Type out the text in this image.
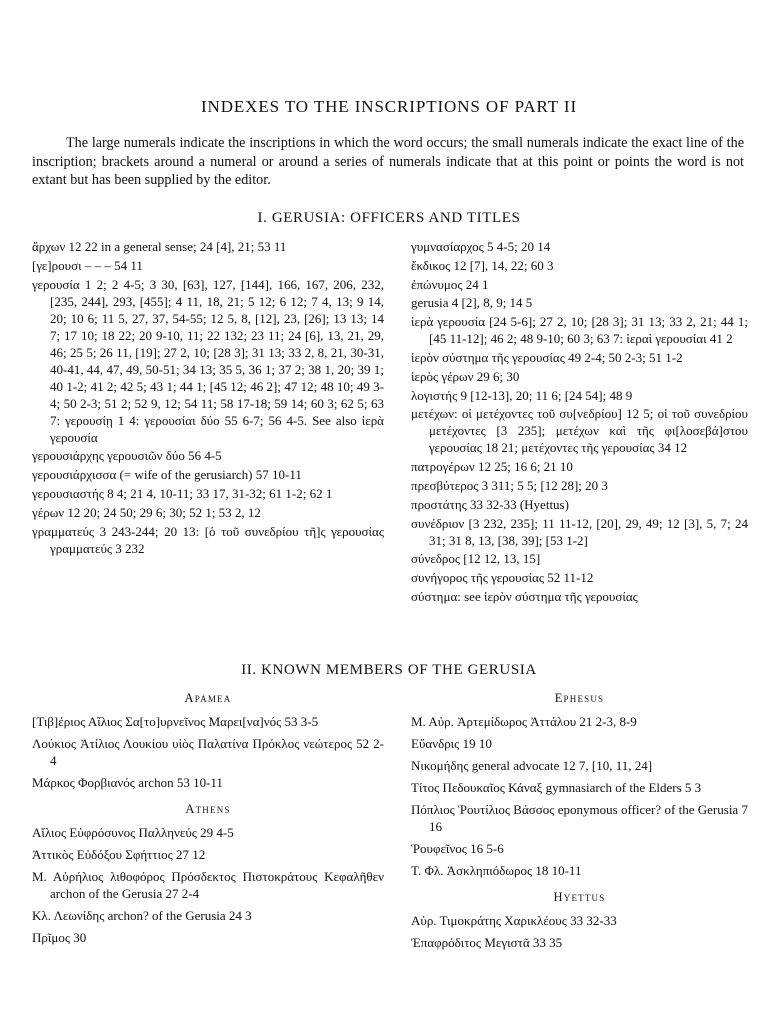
INDEXES TO THE INSCRIPTIONS OF PART II

The large numerals indicate the inscriptions in which the word occurs; the small numerals indicate the exact line of the inscription; brackets around a numeral or around a series of numerals indicate that at this point or points the word is not extant but has been supplied by the editor.

I. GERUSIA: OFFICERS AND TITLES
ἄρχων 12 22 in a general sense; 24 [4], 21; 53 11
[γε]ρουσι – – – 54 11
γερουσία 1 2; 2 4-5; 3 30, [63], 127, [144], 166, 167, 206, 232, [235, 244], 293, [455]; 4 11, 18, 21; 5 12; 6 12; 7 4, 13; 9 14, 20; 10 6; 11 5, 27, 37, 54-55; 12 5, 8, [12], 23, [26]; 13 13; 14 7; 17 10; 18 22; 20 9-10, 11; 22 132; 23 11; 24 [6], 13, 21, 29, 46; 25 5; 26 11, [19]; 27 2, 10; [28 3]; 31 13; 33 2, 8, 21, 30-31, 40-41, 44, 47, 49, 50-51; 34 13; 35 5, 36 1; 37 2; 38 1, 20; 39 1; 40 1-2; 41 2; 42 5; 43 1; 44 1; [45 12; 46 2]; 47 12; 48 10; 49 3-4; 50 2-3; 51 2; 52 9, 12; 54 11; 58 17-18; 59 14; 60 3; 62 5; 63 7: γερουσίῃ 1 4: γερουσίαι δύο 55 6-7; 56 4-5. See also ἱερὰ γερουσία
γερουσιάρχης γερουσιῶν δύο 56 4-5
γερουσιάρχισσα (= wife of the gerusiarch) 57 10-11
γερουσιαστής 8 4; 21 4, 10-11; 33 17, 31-32; 61 1-2; 62 1
γέρων 12 20; 24 50; 29 6; 30; 52 1; 53 2, 12
γραμματεύς 3 243-244; 20 13: [ὁ τοῦ συνεδρίου τῆ]ς γερουσίας γραμματεύς 3 232
γυμνασίαρχος 5 4-5; 20 14
ἔκδικος 12 [7], 14, 22; 60 3
ἐπώνυμος 24 1
gerusia 4 [2], 8, 9; 14 5
ἱερὰ γερουσία [24 5-6]; 27 2, 10; [28 3]; 31 13; 33 2, 21; 44 1; [45 11-12]; 46 2; 48 9-10; 60 3; 63 7: ἱεραὶ γερουσίαι 41 2
ἱερὸν σύστημα τῆς γερουσίας 49 2-4; 50 2-3; 51 1-2
ἱερὸς γέρων 29 6; 30
λογιστής 9 [12-13], 20; 11 6; [24 54]; 48 9
μετέχων: οἱ μετέχοντες τοῦ συ[νεδρίου] 12 5; οἱ τοῦ συνεδρίου μετέχοντες [3 235]; μετέχων καὶ τῆς φι[λοσεβά]στου γερουσίας 18 21; μετέχοντες τῆς γερουσίας 34 12
πατρογέρων 12 25; 16 6; 21 10
πρεσβύτερος 3 311; 5 5; [12 28]; 20 3
προστάτης 33 32-33 (Hyettus)
συνέδριον [3 232, 235]; 11 11-12, [20], 29, 49; 12 [3], 5, 7; 24 31; 31 8, 13, [38, 39]; [53 1-2]
σύνεδρος [12 12, 13, 15]
συνήγορος τῆς γερουσίας 52 11-12
σύστημα: see ἱερὸν σύστημα τῆς γερουσίας
II. KNOWN MEMBERS OF THE GERUSIA
Apamea
[Τιβ]έριος Αἴλιος Σα[το]υρνεῖνος Μαρει[να]νός 53 3-5
Λούκιος Ἀτίλιος Λουκίου υἱὸς Παλατίνα Πρόκλος νεώτερος 52 2-4
Μάρκος Φορβιανός archon 53 10-11
Athens
Αἴλιος Εὐφρόσυνος Παλληνεύς 29 4-5
Ἀττικὸς Εὐδόξου Σφήττιος 27 12
Μ. Αὐρήλιος λιθοφόρος Πρόσδεκτος Πιστοκράτους Κεφαλῆθεν archon of the Gerusia 27 2-4
Κλ. Λεωνίδης archon? of the Gerusia 24 3
Πρῖμος 30
Ephesus
Μ. Αὐρ. Ἀρτεμίδωρος Ἀττάλου 21 2-3, 8-9
Εὔανδρις 19 10
Νικομήδης general advocate 12 7, [10, 11, 24]
Τίτος Πεδουκαῖος Κάναξ gymnasiarch of the Elders 5 3
Πόπλιος Ῥουτίλιος Βάσσος eponymous officer? of the Gerusia 7 16
Ῥουφεῖνος 16 5-6
Τ. Φλ. Ἀσκληπιόδωρος 18 10-11
Hyettus
Αὐρ. Τιμοκράτης Χαρικλέους 33 32-33
Ἐπαφρόδιτος Μεγιστᾶ 33 35
